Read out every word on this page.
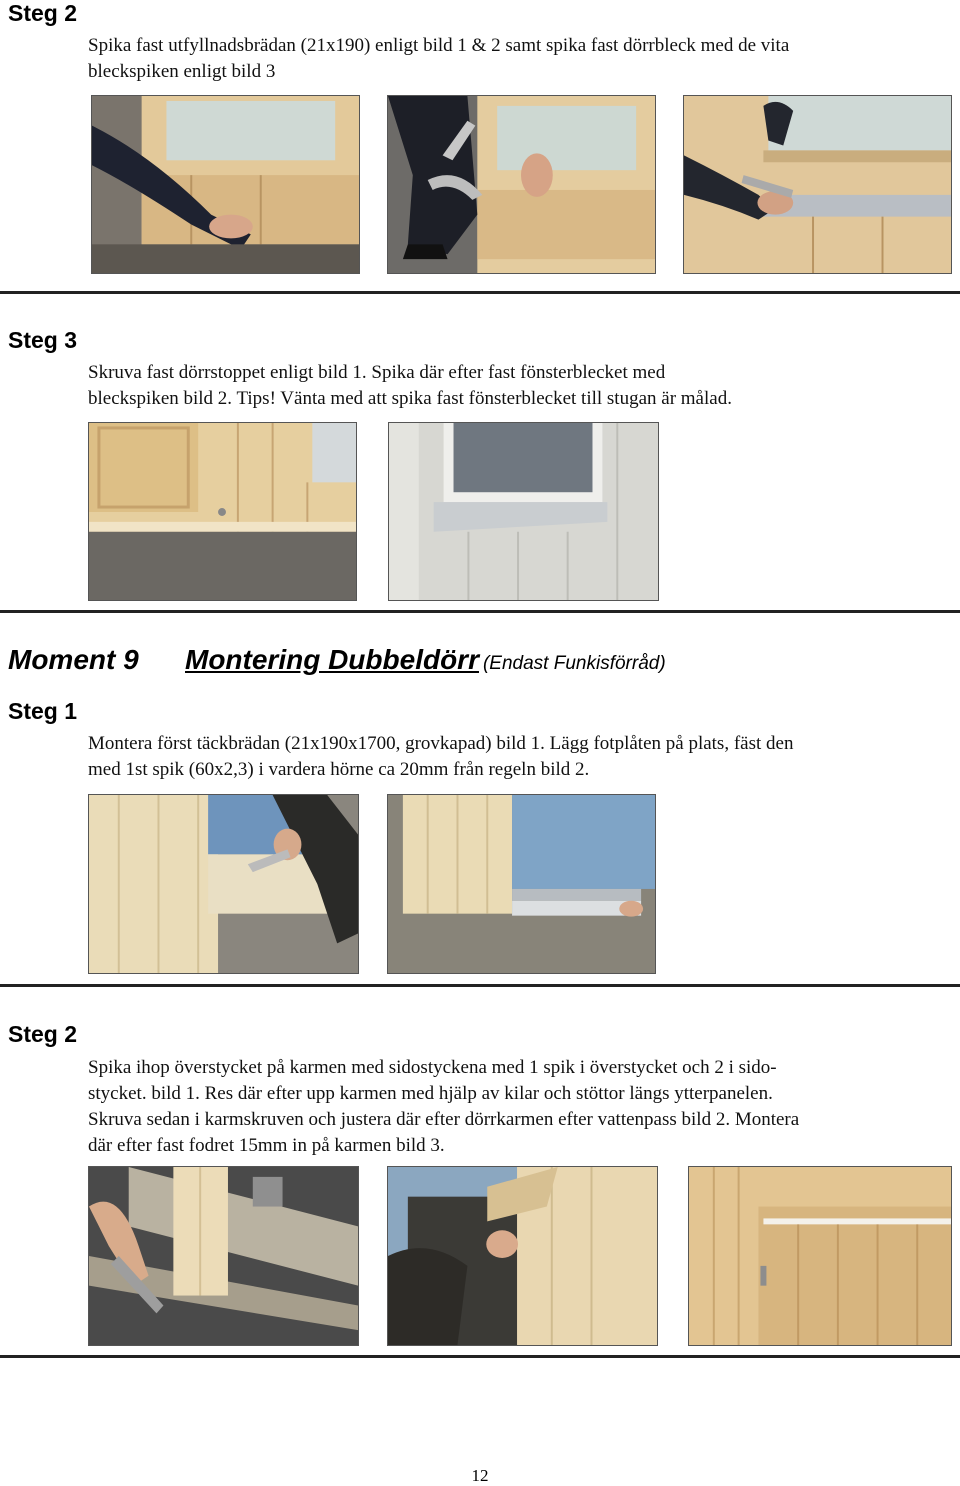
Steg 2
Spika fast utfyllnadsbrädan (21x190) enligt bild 1 & 2 samt spika fast dörrbleck med de vita
bleckspiken enligt bild 3
Steg 3
Skruva fast dörrstoppet enligt bild 1. Spika där efter fast fönsterblecket med
bleckspiken bild 2. Tips! Vänta med att spika fast fönsterblecket till stugan är målad.
Moment 9 Montering Dubbeldörr (Endast Funkisförråd)
Steg 1
Montera först täckbrädan (21x190x1700, grovkapad) bild 1. Lägg fotplåten på plats, fäst den
med 1st spik (60x2,3) i vardera hörne ca 20mm från regeln bild 2.
Steg 2
Spika ihop överstycket på karmen med sidostyckena med 1 spik i överstycket och 2 i sido-
stycket. bild 1. Res där efter upp karmen med hjälp av kilar och stöttor längs ytterpanelen.
Skruva sedan i karmskruven och justera där efter dörrkarmen efter vattenpass bild 2. Montera
där efter fast fodret 15mm in på karmen bild 3.
12
